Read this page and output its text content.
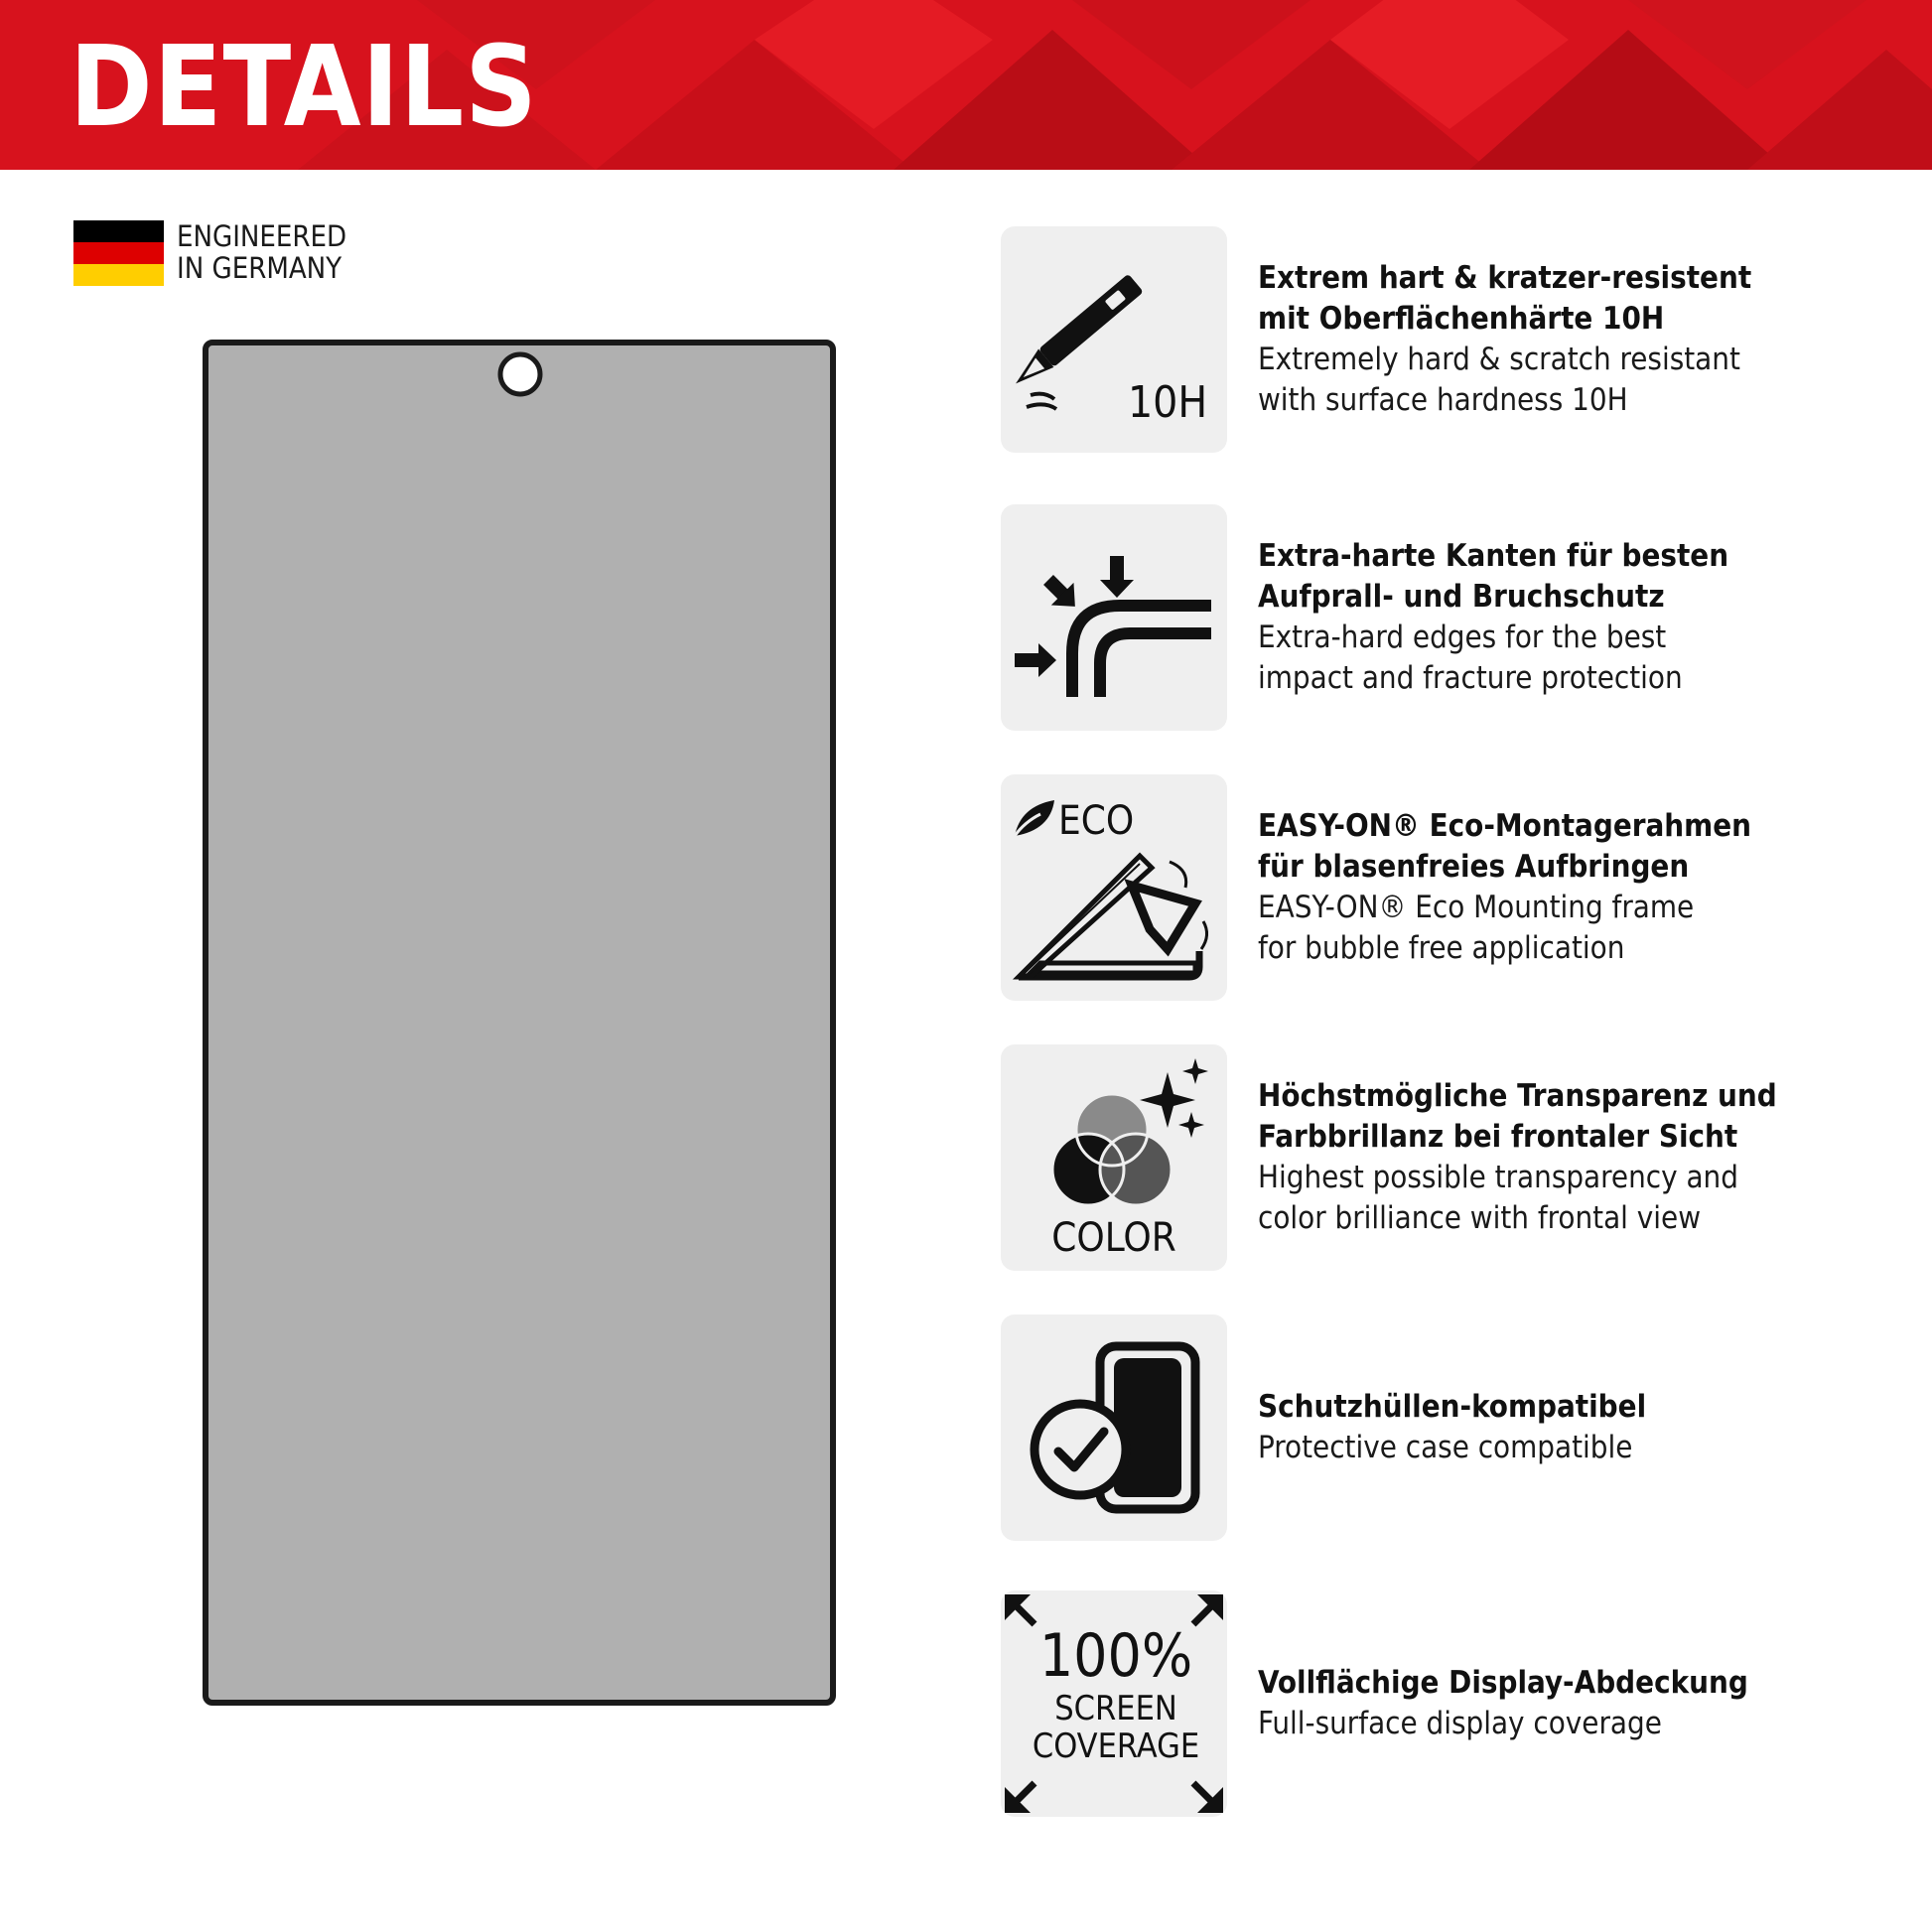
DETAILS
ENGINEERED
IN GERMANY
10H
Extrem hart & kratzer-resistent
mit Oberflächenhärte 10H
Extremely hard & scratch resistant
with surface hardness 10H
Extra-harte Kanten für besten
Aufprall- und Bruchschutz
Extra-hard edges for the best
impact and fracture protection
ECO	EASY-ON® Eco-Montagerahmen
für blasenfreies Aufbringen
EASY-ON® Eco Mounting frame
for bubble free application
COLOR
Höchstmögliche Transparenz und
Farbbrillanz bei frontaler Sicht
Highest possible transparency and
color brilliance with frontal view
Schutzhüllen-kompatibel
Protective case compatible
100%
SCREEN
COVERAGE
Vollflächige Display-Abdeckung
Full-surface display coverage
